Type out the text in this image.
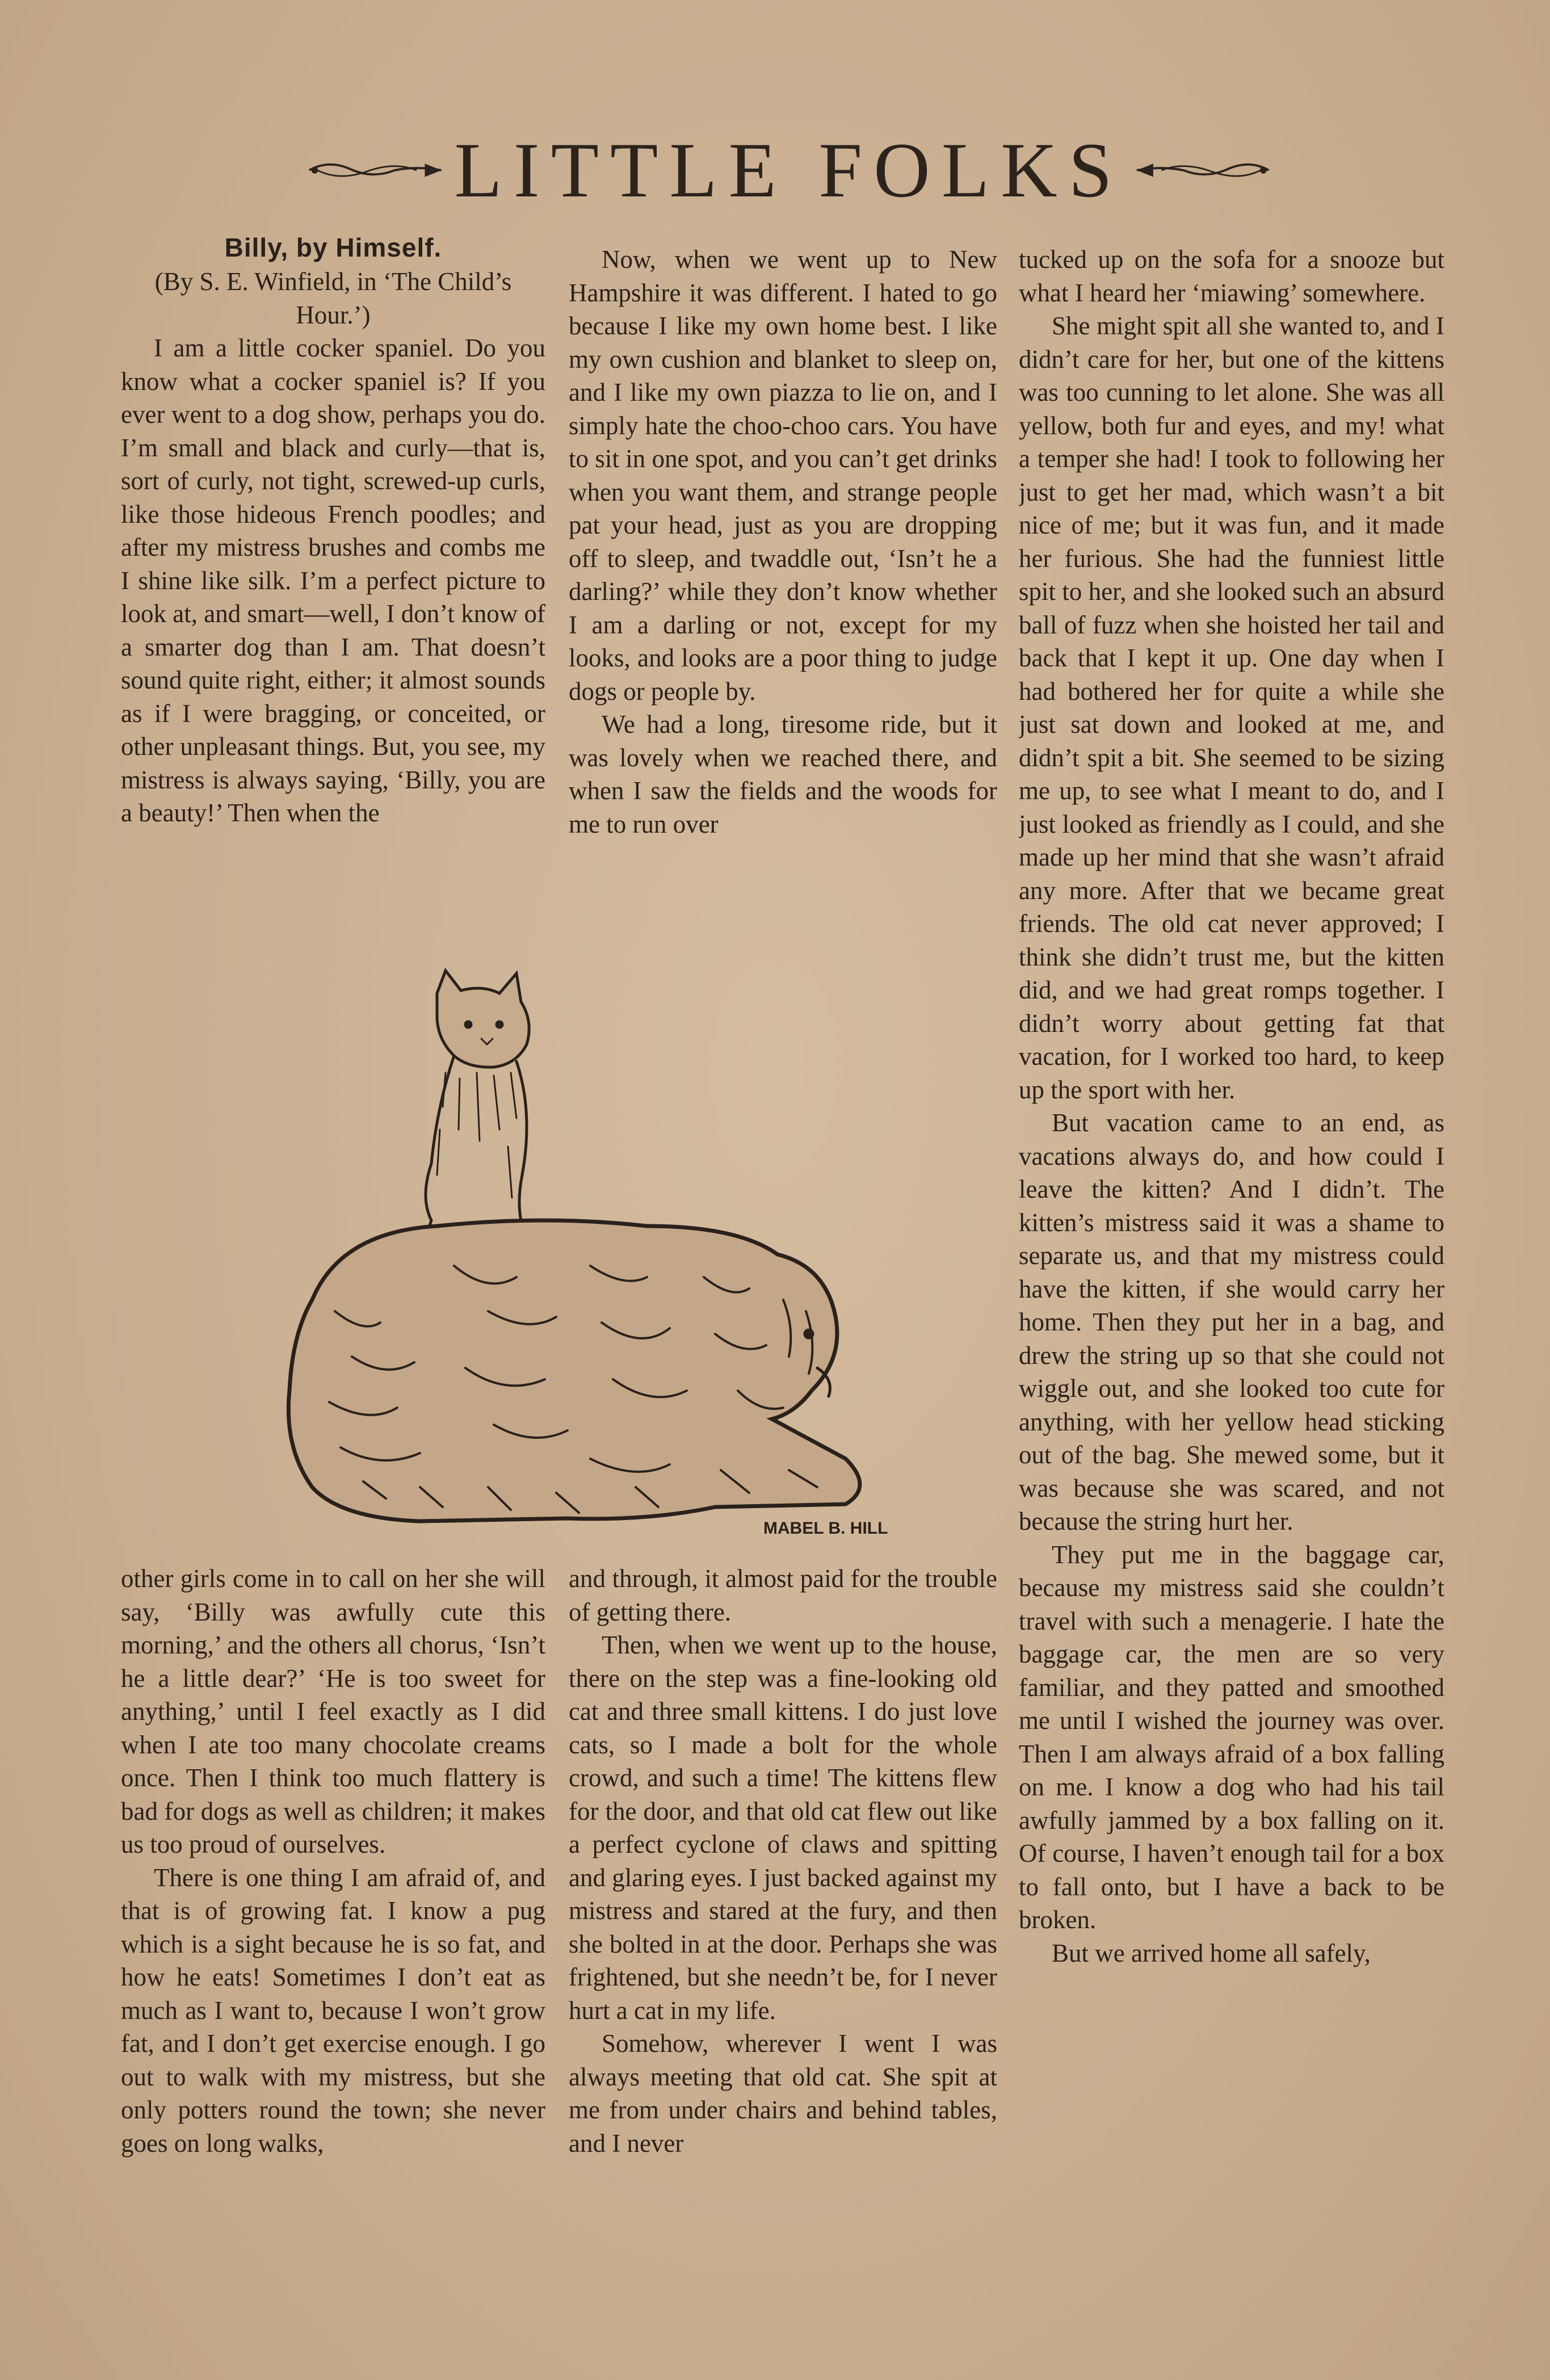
LITTLE FOLKS

Billy, by Himself.

(By S. E. Winfield, in ‘The Child’s Hour.’)

I am a little cocker spaniel. Do you know what a cocker spaniel is? If you ever went to a dog show, perhaps you do. I’m small and black and curly—that is, sort of curly, not tight, screwed-up curls, like those hideous French poodles; and after my mistress brushes and combs me I shine like silk. I’m a perfect picture to look at, and smart—well, I don’t know of a smarter dog than I am. That doesn’t sound quite right, either; it almost sounds as if I were bragging, or conceited, or other unpleasant things. But, you see, my mistress is always saying, ‘Billy, you are a beauty!’ Then when the

Now, when we went up to New Hampshire it was different. I hated to go because I like my own home best. I like my own cushion and blanket to sleep on, and I like my own piazza to lie on, and I simply hate the choo-choo cars. You have to sit in one spot, and you can’t get drinks when you want them, and strange people pat your head, just as you are dropping off to sleep, and twaddle out, ‘Isn’t he a darling?’ while they don’t know whether I am a darling or not, except for my looks, and looks are a poor thing to judge dogs or people by.

We had a long, tiresome ride, but it was lovely when we reached there, and when I saw the fields and the woods for me to run over

tucked up on the sofa for a snooze but what I heard her ‘miawing’ somewhere.

She might spit all she wanted to, and I didn’t care for her, but one of the kittens was too cunning to let alone. She was all yellow, both fur and eyes, and my! what a temper she had! I took to following her just to get her mad, which wasn’t a bit nice of me; but it was fun, and it made her furious. She had the funniest little spit to her, and she looked such an absurd ball of fuzz when she hoisted her tail and back that I kept it up. One day when I had bothered her for quite a while she just sat down and looked at me, and didn’t spit a bit. She seemed to be sizing me up, to see what I meant to do, and I just looked as friendly as I could, and she made up her mind that she wasn’t afraid any more. After that we became great friends. The old cat never approved; I think she didn’t trust me, but the kitten did, and we had great romps together. I didn’t worry about getting fat that vacation, for I worked too hard, to keep up the sport with her.

But vacation came to an end, as vacations always do, and how could I leave the kitten? And I didn’t. The kitten’s mistress said it was a shame to separate us, and that my mistress could have the kitten, if she would carry her home. Then they put her in a bag, and drew the string up so that she could not wiggle out, and she looked too cute for anything, with her yellow head sticking out of the bag. She mewed some, but it was because she was scared, and not because the string hurt her.

They put me in the baggage car, because my mistress said she couldn’t travel with such a menagerie. I hate the baggage car, the men are so very familiar, and they patted and smoothed me until I wished the journey was over. Then I am always afraid of a box falling on me. I know a dog who had his tail awfully jammed by a box falling on it. Of course, I haven’t enough tail for a box to fall onto, but I have a back to be broken.

But we arrived home all safely,

MABEL B. HILL

other girls come in to call on her she will say, ‘Billy was awfully cute this morning,’ and the others all chorus, ‘Isn’t he a little dear?’ ‘He is too sweet for anything,’ until I feel exactly as I did when I ate too many chocolate creams once. Then I think too much flattery is bad for dogs as well as children; it makes us too proud of ourselves.

There is one thing I am afraid of, and that is of growing fat. I know a pug which is a sight because he is so fat, and how he eats! Sometimes I don’t eat as much as I want to, because I won’t grow fat, and I don’t get exercise enough. I go out to walk with my mistress, but she only potters round the town; she never goes on long walks,

and through, it almost paid for the trouble of getting there.

Then, when we went up to the house, there on the step was a fine-looking old cat and three small kittens. I do just love cats, so I made a bolt for the whole crowd, and such a time! The kittens flew for the door, and that old cat flew out like a perfect cyclone of claws and spitting and glaring eyes. I just backed against my mistress and stared at the fury, and then she bolted in at the door. Perhaps she was frightened, but she needn’t be, for I never hurt a cat in my life.

Somehow, wherever I went I was always meeting that old cat. She spit at me from under chairs and behind tables, and I never
